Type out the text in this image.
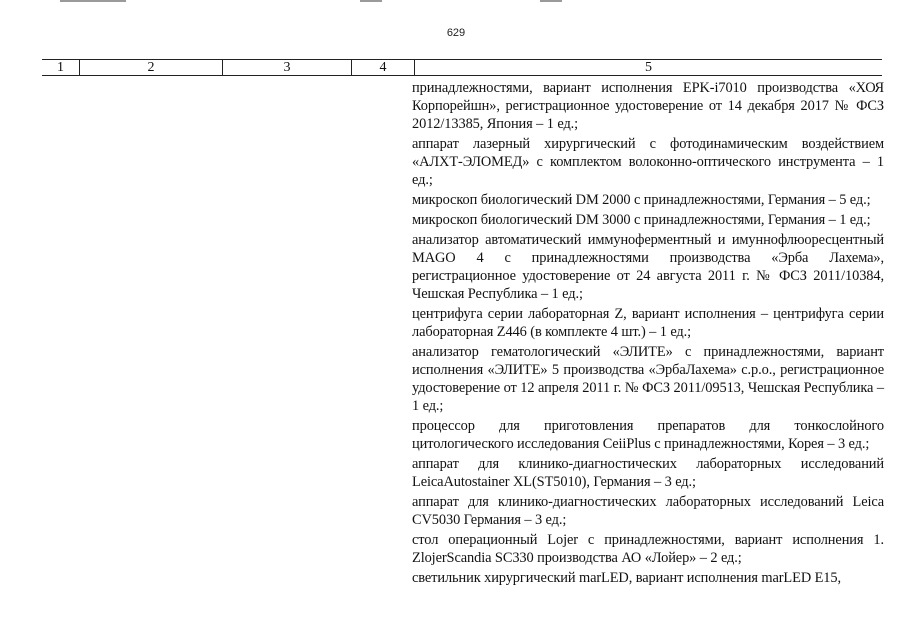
629
1	2	3	4	5

принадлежностями, вариант исполнения EPK-i7010 производства «ХОЯ Корпорейшн», регистрационное удостоверение от 14 декабря 2017 № ФСЗ 2012/13385, Япония – 1 ед.;

аппарат лазерный хирургический с фотодинамическим воздействием «АЛХТ-ЭЛОМЕД» с комплектом волоконно-оптического инструмента – 1 ед.;

микроскоп биологический DM 2000 с принадлежностями, Германия – 5 ед.;

микроскоп биологический DM 3000 с принадлежностями, Германия – 1 ед.;

анализатор автоматический иммуноферментный и имуннофлюоресцентный MAGO 4 с принадлежностями производства «Эрба Лахема», регистрационное удостоверение от 24 августа 2011 г. № ФСЗ 2011/10384, Чешская Республика – 1 ед.;

центрифуга серии лабораторная Z, вариант исполнения – центрифуга серии лабораторная Z446 (в комплекте 4 шт.) – 1 ед.;

анализатор гематологический «ЭЛИТЕ» с принадлежностями, вариант исполнения «ЭЛИТЕ» 5 производства «ЭрбаЛахема» с.р.о., регистрационное удостоверение от 12 апреля 2011 г. № ФСЗ 2011/09513, Чешская Республика – 1 ед.;

процессор для приготовления препаратов для тонкослойного цитологического исследования CeiiPlus с принадлежностями, Корея – 3 ед.;

аппарат для клинико-диагностических лабораторных исследований LeicaAutostainer XL(ST5010), Германия – 3 ед.;

аппарат для клинико-диагностических лабораторных исследований Leica CV5030 Германия – 3 ед.;

стол операционный Lojer с принадлежностями, вариант исполнения 1. ZlojerScandia SC330 производства АО «Лойер» – 2 ед.;

светильник хирургический marLED, вариант исполнения marLED E15,
